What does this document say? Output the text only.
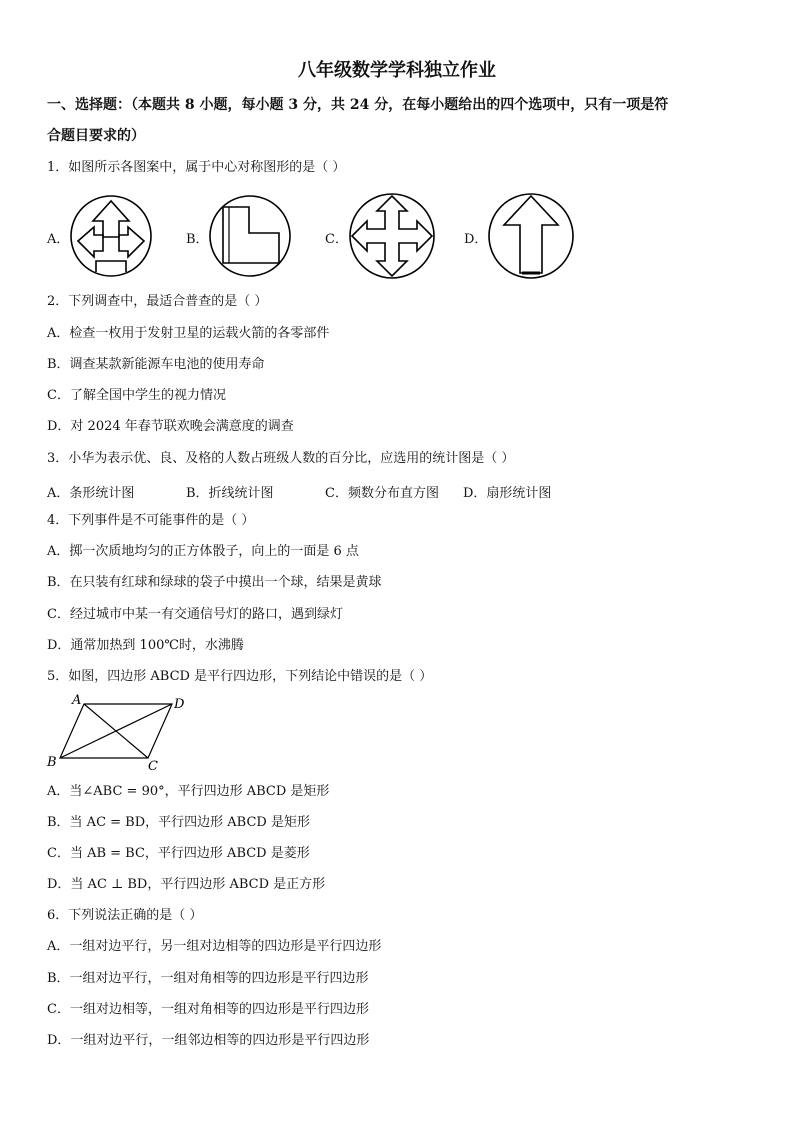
八年级数学学科独立作业
一、选择题：（本题共 8 小题，每小题 3 分，共 24 分，在每小题给出的四个选项中，只有一项是符
合题目要求的）
1．如图所示各图案中，属于中心对称图形的是（ ）
A．	B．	C．	D．
2．下列调查中，最适合普查的是（ ）
A．检查一枚用于发射卫星的运载火箭的各零部件
B．调查某款新能源车电池的使用寿命
C．了解全国中学生的视力情况
D．对 2024 年春节联欢晚会满意度的调查
3．小华为表示优、良、及格的人数占班级人数的百分比，应选用的统计图是（ ）
A．条形统计图	B．折线统计图	C．频数分布直方图 D．扇形统计图
4．下列事件是不可能事件的是（ ）
A．掷一次质地均匀的正方体骰子，向上的一面是 6 点
B．在只装有红球和绿球的袋子中摸出一个球，结果是黄球
C．经过城市中某一有交通信号灯的路口，遇到绿灯
D．通常加热到 100℃时，水沸腾
5．如图，四边形 ABCD 是平行四边形，下列结论中错误的是（ ）
A	D
B	C
A．当∠ABC = 90°，平行四边形 ABCD 是矩形
B．当 AC = BD，平行四边形 ABCD 是矩形
C．当 AB = BC，平行四边形 ABCD 是菱形
D．当 AC ⊥ BD，平行四边形 ABCD 是正方形
6．下列说法正确的是（ ）
A．一组对边平行，另一组对边相等的四边形是平行四边形
B．一组对边平行，一组对角相等的四边形是平行四边形
C．一组对边相等，一组对角相等的四边形是平行四边形
D．一组对边平行，一组邻边相等的四边形是平行四边形
